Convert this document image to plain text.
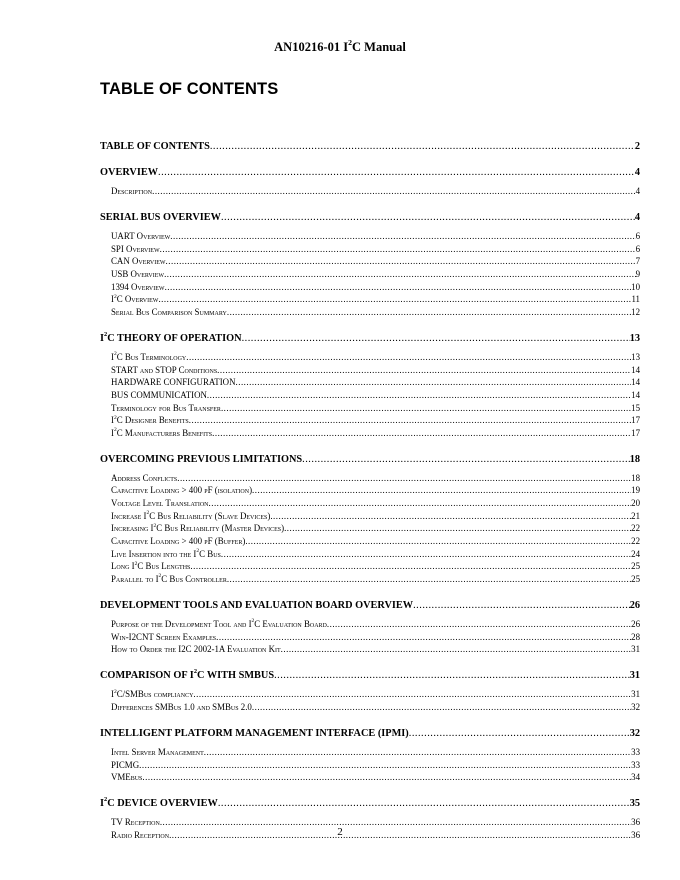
AN10216-01 $I^2C$ Manual
TABLE OF CONTENTS
TABLE OF CONTENTS .....	2
OVERVIEW .....	4
Description .....	4
SERIAL BUS OVERVIEW .....	4
UART Overview .....	6
SPI Overview .....	6
CAN Overview .....	7
USB Overview .....	9
1394 Overview .....	10
$I^2C$ Overview .....	11
Serial Bus Comparison Summary .....	12
$I^2C$ THEORY OF OPERATION .....	13
$I^2C$ Bus Terminology .....	13
START and STOP Conditions .....	14
HARDWARE CONFIGURATION .....	14
BUS COMMUNICATION .....	14
Terminology for Bus Transfer .....	15
$I^2C$ Designer Benefits .....	17
$I^2C$ Manufacturers Benefits .....	17
OVERCOMING PREVIOUS LIMITATIONS .....	18
Address Conflicts .....	18
Capacitive Loading > 400 pF (isolation) .....	19
Voltage Level Translation .....	20
Increase $I^2C$ Bus Reliability (Slave Devices) .....	21
Increasing $I^2C$ Bus Reliability (Master Devices) .....	22
Capacitive Loading > 400 pF (Buffer) .....	22
Live Insertion into the $I^2C$ Bus .....	24
Long $I^2C$ Bus Lengths .....	25
Parallel to $I^2C$ Bus Controller .....	25
DEVELOPMENT TOOLS AND EVALUATION BOARD OVERVIEW .....	26
Purpose of the Development Tool and $I^2C$ Evaluation Board .....	26
Win-I2CNT Screen Examples .....	28
How to Order the I2C 2002-1A Evaluation Kit .....	31
COMPARISON OF $I^2C$ WITH SMBUS .....	31
$I^2C$/SMBus compliancy .....	31
Differences SMBus 1.0 and SMBus 2.0 .....	32
INTELLIGENT PLATFORM MANAGEMENT INTERFACE (IPMI) .....	32
Intel Server Management .....	33
PICMG .....	33
VMEbus .....	34
$I^2C$ DEVICE OVERVIEW .....	35
TV Reception .....	36
Radio Reception .....	36
2
